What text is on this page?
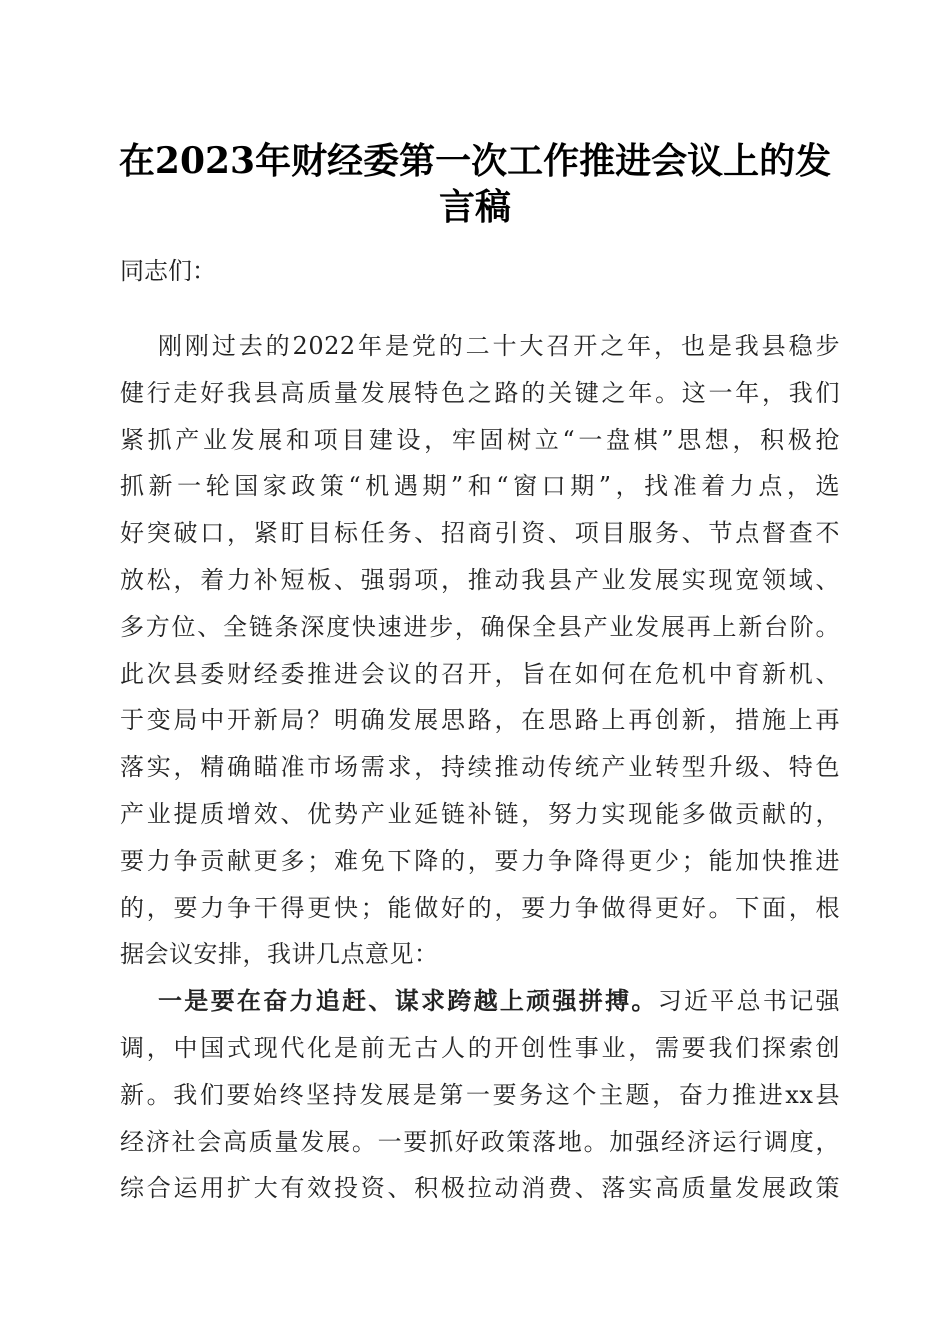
在2023年财经委第一次工作推进会议上的发
言稿

同志们：

刚刚过去的2022年是党的二十大召开之年，也是我县稳步
健行走好我县高质量发展特色之路的关键之年。这一年，我们
紧抓产业发展和项目建设，牢固树立“一盘棋”思想，积极抢
抓新一轮国家政策“机遇期”和“窗口期”，找准着力点，选
好突破口，紧盯目标任务、招商引资、项目服务、节点督查不
放松，着力补短板、强弱项，推动我县产业发展实现宽领域、
多方位、全链条深度快速进步，确保全县产业发展再上新台阶。
此次县委财经委推进会议的召开，旨在如何在危机中育新机、
于变局中开新局？明确发展思路，在思路上再创新，措施上再
落实，精确瞄准市场需求，持续推动传统产业转型升级、特色
产业提质增效、优势产业延链补链，努力实现能多做贡献的，
要力争贡献更多；难免下降的，要力争降得更少；能加快推进
的，要力争干得更快；能做好的，要力争做得更好。下面，根
据会议安排，我讲几点意见：
一是要在奋力追赶、谋求跨越上顽强拼搏。习近平总书记强
调，中国式现代化是前无古人的开创性事业，需要我们探索创
新。我们要始终坚持发展是第一要务这个主题，奋力推进xx县
经济社会高质量发展。一要抓好政策落地。加强经济运行调度，
综合运用扩大有效投资、积极拉动消费、落实高质量发展政策
